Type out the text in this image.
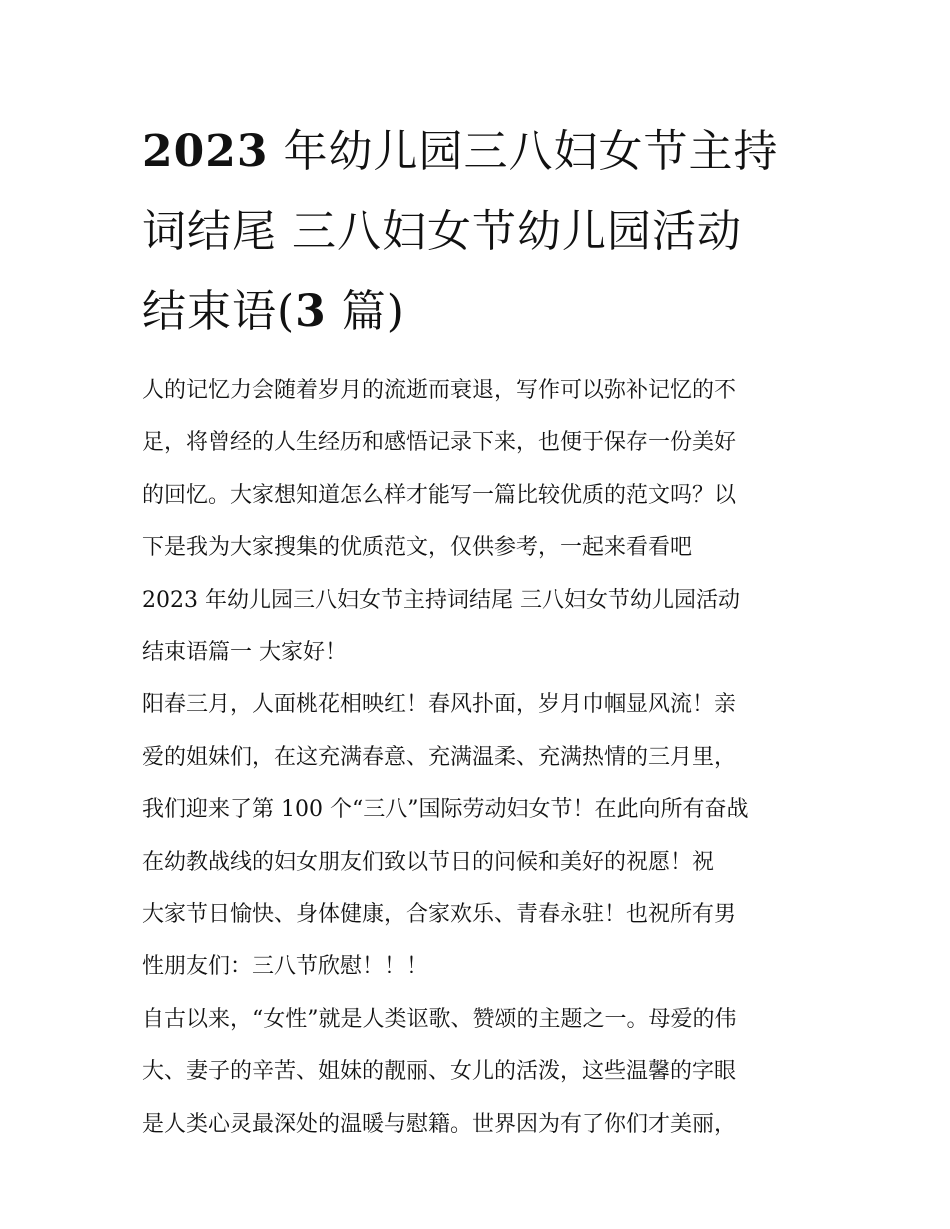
2023 年幼儿园三八妇女节主持
词结尾 三八妇女节幼儿园活动
结束语(3 篇)
人的记忆力会随着岁月的流逝而衰退，写作可以弥补记忆的不
足，将曾经的人生经历和感悟记录下来，也便于保存一份美好
的回忆。大家想知道怎么样才能写一篇比较优质的范文吗？以
下是我为大家搜集的优质范文，仅供参考，一起来看看吧
2023 年幼儿园三八妇女节主持词结尾 三八妇女节幼儿园活动
结束语篇一 大家好！
阳春三月，人面桃花相映红！春风扑面，岁月巾帼显风流！亲
爱的姐妹们，在这充满春意、充满温柔、充满热情的三月里，
我们迎来了第 100 个“三八”国际劳动妇女节！在此向所有奋战
在幼教战线的妇女朋友们致以节日的问候和美好的祝愿！祝
大家节日愉快、身体健康，合家欢乐、青春永驻！也祝所有男
性朋友们：三八节欣慰！！！
自古以来，“女性”就是人类讴歌、赞颂的主题之一。母爱的伟
大、妻子的辛苦、姐妹的靓丽、女儿的活泼，这些温馨的字眼
是人类心灵最深处的温暖与慰籍。世界因为有了你们才美丽，
